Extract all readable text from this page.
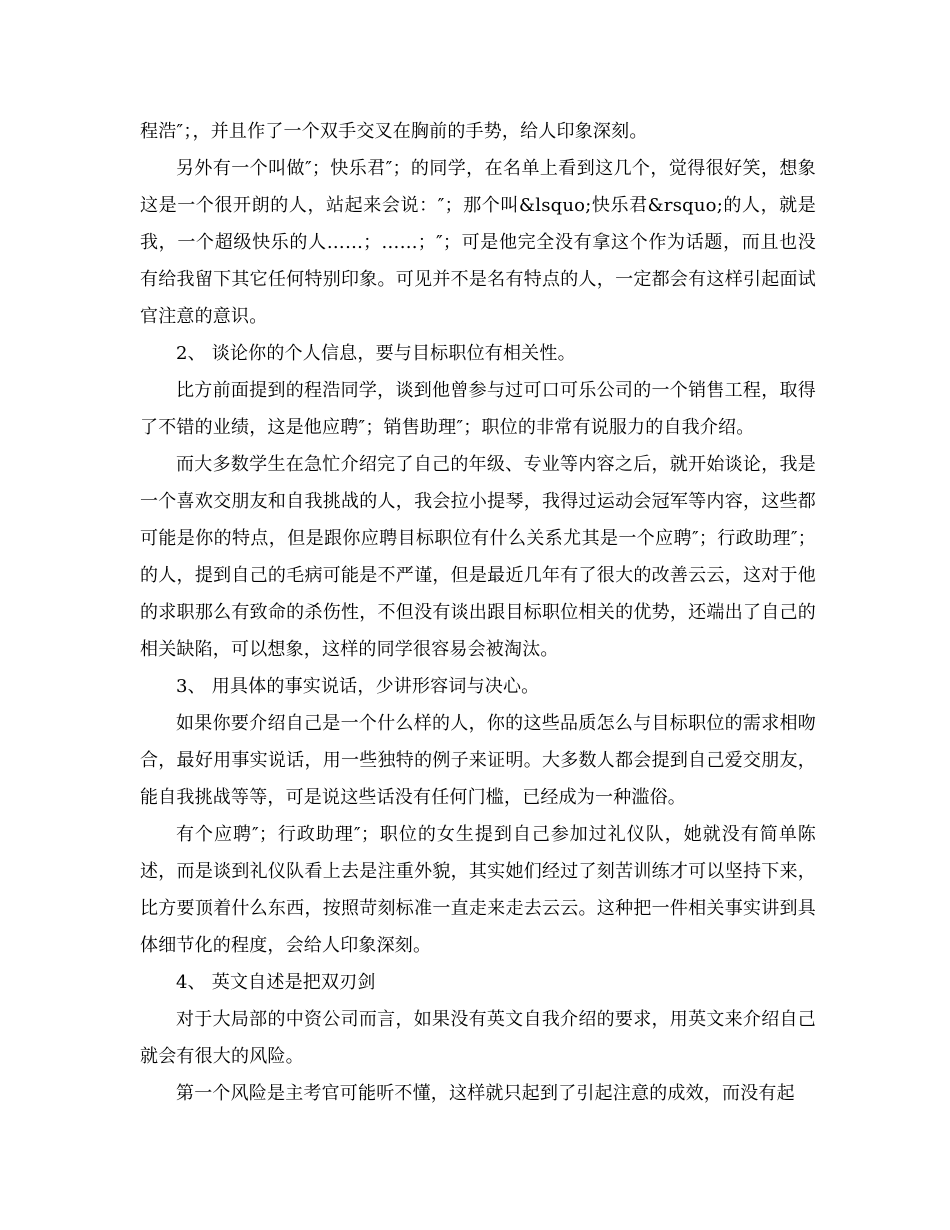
程浩″；，并且作了一个双手交叉在胸前的手势，给人印象深刻。

另外有一个叫做″；快乐君″；的同学，在名单上看到这几个，觉得很好笑，想象这是一个很开朗的人，站起来会说：″；那个叫&lsquo;快乐君&rsquo;的人，就是我，一个超级快乐的人……；……；″；可是他完全没有拿这个作为话题，而且也没有给我留下其它任何特别印象。可见并不是名有特点的人，一定都会有这样引起面试官注意的意识。

2、 谈论你的个人信息，要与目标职位有相关性。

比方前面提到的程浩同学，谈到他曾参与过可口可乐公司的一个销售工程，取得了不错的业绩，这是他应聘″；销售助理″；职位的非常有说服力的自我介绍。

而大多数学生在急忙介绍完了自己的年级、专业等内容之后，就开始谈论，我是一个喜欢交朋友和自我挑战的人，我会拉小提琴，我得过运动会冠军等内容，这些都可能是你的特点，但是跟你应聘目标职位有什么关系尤其是一个应聘″；行政助理″；的人，提到自己的毛病可能是不严谨，但是最近几年有了很大的改善云云，这对于他的求职那么有致命的杀伤性，不但没有谈出跟目标职位相关的优势，还端出了自己的相关缺陷，可以想象，这样的同学很容易会被淘汰。

3、 用具体的事实说话，少讲形容词与决心。

如果你要介绍自己是一个什么样的人，你的这些品质怎么与目标职位的需求相吻合，最好用事实说话，用一些独特的例子来证明。大多数人都会提到自己爱交朋友，能自我挑战等等，可是说这些话没有任何门槛，已经成为一种滥俗。

有个应聘″；行政助理″；职位的女生提到自己参加过礼仪队，她就没有简单陈述，而是谈到礼仪队看上去是注重外貌，其实她们经过了刻苦训练才可以坚持下来，比方要顶着什么东西，按照苛刻标准一直走来走去云云。这种把一件相关事实讲到具体细节化的程度，会给人印象深刻。

4、 英文自述是把双刃剑

对于大局部的中资公司而言，如果没有英文自我介绍的要求，用英文来介绍自己就会有很大的风险。

第一个风险是主考官可能听不懂，这样就只起到了引起注意的成效，而没有起
